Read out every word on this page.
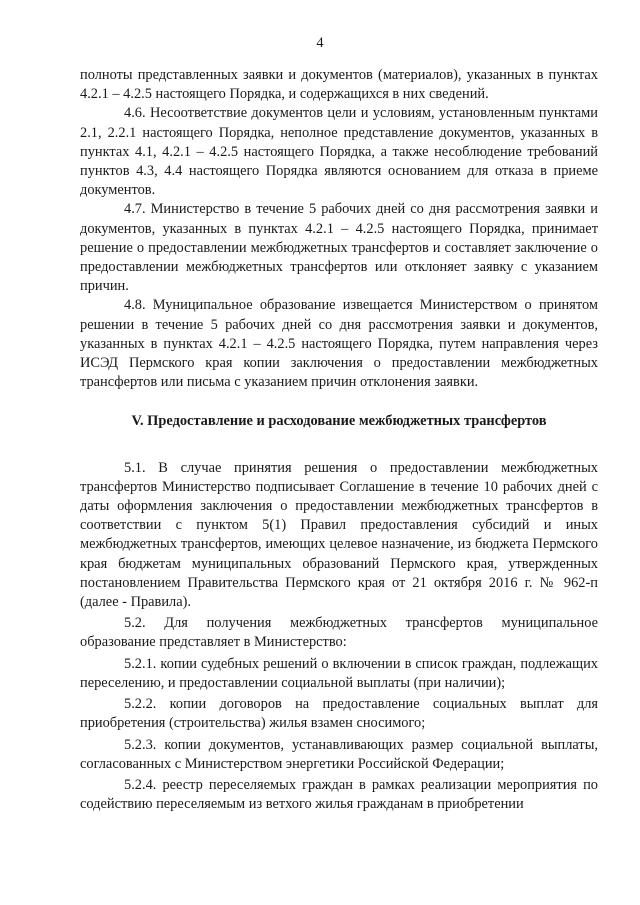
4

полноты представленных заявки и документов (материалов), указанных в пунктах 4.2.1 – 4.2.5 настоящего Порядка, и содержащихся в них сведений.

4.6. Несоответствие документов цели и условиям, установленным пунктами 2.1, 2.2.1 настоящего Порядка, неполное представление документов, указанных в пунктах 4.1, 4.2.1 – 4.2.5 настоящего Порядка, а также несоблюдение требований пунктов 4.3, 4.4 настоящего Порядка являются основанием для отказа в приеме документов.

4.7. Министерство в течение 5 рабочих дней со дня рассмотрения заявки и документов, указанных в пунктах 4.2.1 – 4.2.5 настоящего Порядка, принимает решение о предоставлении межбюджетных трансфертов и составляет заключение о предоставлении межбюджетных трансфертов или отклоняет заявку с указанием причин.

4.8. Муниципальное образование извещается Министерством о принятом решении в течение 5 рабочих дней со дня рассмотрения заявки и документов, указанных в пунктах 4.2.1 – 4.2.5 настоящего Порядка, путем направления через ИСЭД Пермского края копии заключения о предоставлении межбюджетных трансфертов или письма с указанием причин отклонения заявки.

V. Предоставление и расходование межбюджетных трансфертов

5.1. В случае принятия решения о предоставлении межбюджетных трансфертов Министерство подписывает Соглашение в течение 10 рабочих дней с даты оформления заключения о предоставлении межбюджетных трансфертов в соответствии с пунктом 5(1) Правил предоставления субсидий и иных межбюджетных трансфертов, имеющих целевое назначение, из бюджета Пермского края бюджетам муниципальных образований Пермского края, утвержденных постановлением Правительства Пермского края от 21 октября 2016 г. № 962-п (далее - Правила).

5.2. Для получения межбюджетных трансфертов муниципальное образование представляет в Министерство:

5.2.1. копии судебных решений о включении в список граждан, подлежащих переселению, и предоставлении социальной выплаты (при наличии);

5.2.2. копии договоров на предоставление социальных выплат для приобретения (строительства) жилья взамен сносимого;

5.2.3. копии документов, устанавливающих размер социальной выплаты, согласованных с Министерством энергетики Российской Федерации;

5.2.4. реестр переселяемых граждан в рамках реализации мероприятия по содействию переселяемым из ветхого жилья гражданам в приобретении
